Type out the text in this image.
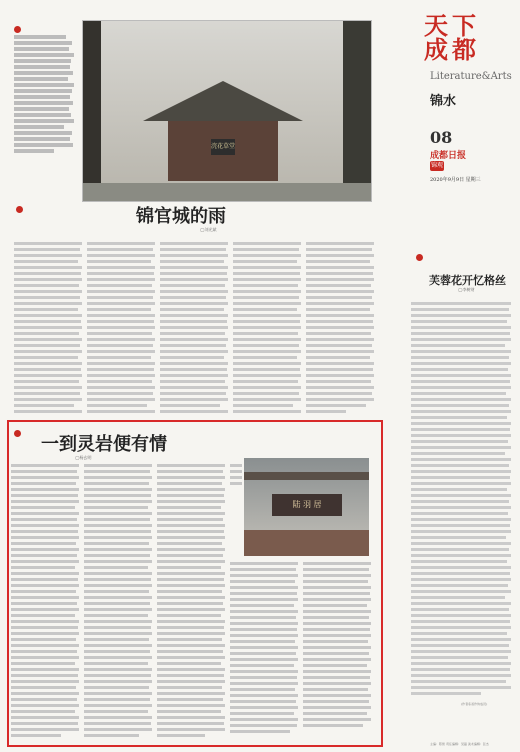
浣花草堂
天 下
成 都
Literature&Arts
锦水
08
成都日报
锦观
2020年9月9日 星期三
芙蓉花开忆格丝
◯李树财
(作者系省作协成员)
锦官城的雨
◯刘光斌
一到灵岩便有情
◯杨玄明
陆 羽 居
主编：陈智 责任编辑：吴磊 美术编辑：张杰
